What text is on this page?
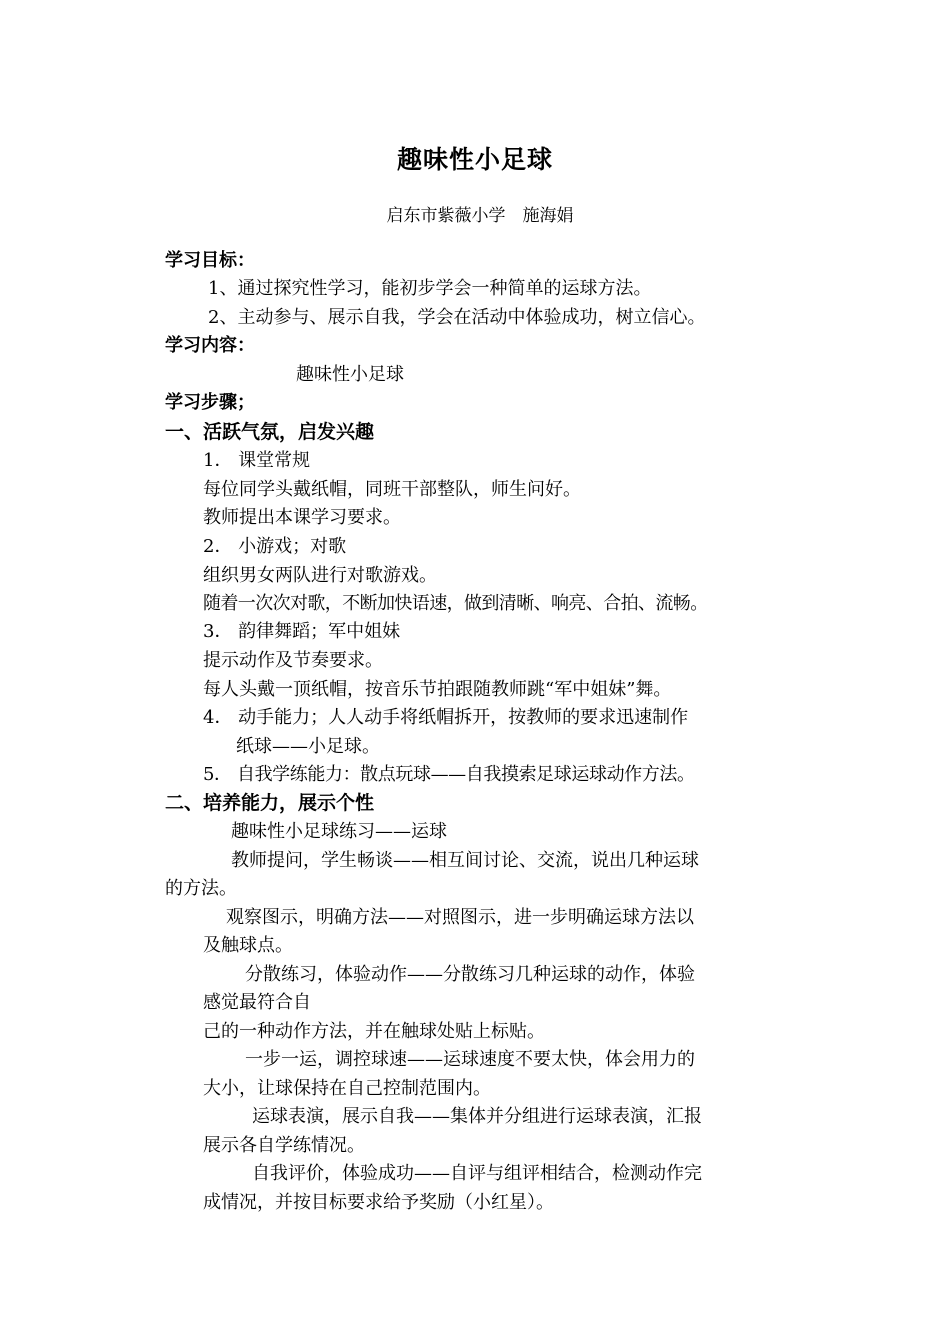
趣味性小足球
启东市紫薇小学　施海娟
学习目标：
1、通过探究性学习，能初步学会一种简单的运球方法。
2、主动参与、展示自我，学会在活动中体验成功，树立信心。
学习内容：
趣味性小足球
学习步骤；
一、活跃气氛，启发兴趣
1． 课堂常规
每位同学头戴纸帽，同班干部整队，师生问好。
教师提出本课学习要求。
2． 小游戏；对歌
组织男女两队进行对歌游戏。
随着一次次对歌，不断加快语速，做到清晰、响亮、合拍、流畅。
3． 韵律舞蹈；军中姐妹
提示动作及节奏要求。
每人头戴一顶纸帽，按音乐节拍跟随教师跳“军中姐妹”舞。
4． 动手能力；人人动手将纸帽拆开，按教师的要求迅速制作
纸球——小足球。
5． 自我学练能力：散点玩球——自我摸索足球运球动作方法。
二、培养能力，展示个性
趣味性小足球练习——运球
教师提问，学生畅谈——相互间讨论、交流，说出几种运球
的方法。
观察图示，明确方法——对照图示，进一步明确运球方法以
及触球点。
分散练习，体验动作——分散练习几种运球的动作，体验
感觉最符合自
己的一种动作方法，并在触球处贴上标贴。
一步一运，调控球速——运球速度不要太快，体会用力的
大小，让球保持在自己控制范围内。
运球表演，展示自我——集体并分组进行运球表演，汇报
展示各自学练情况。
自我评价，体验成功——自评与组评相结合，检测动作完
成情况，并按目标要求给予奖励（小红星）。
